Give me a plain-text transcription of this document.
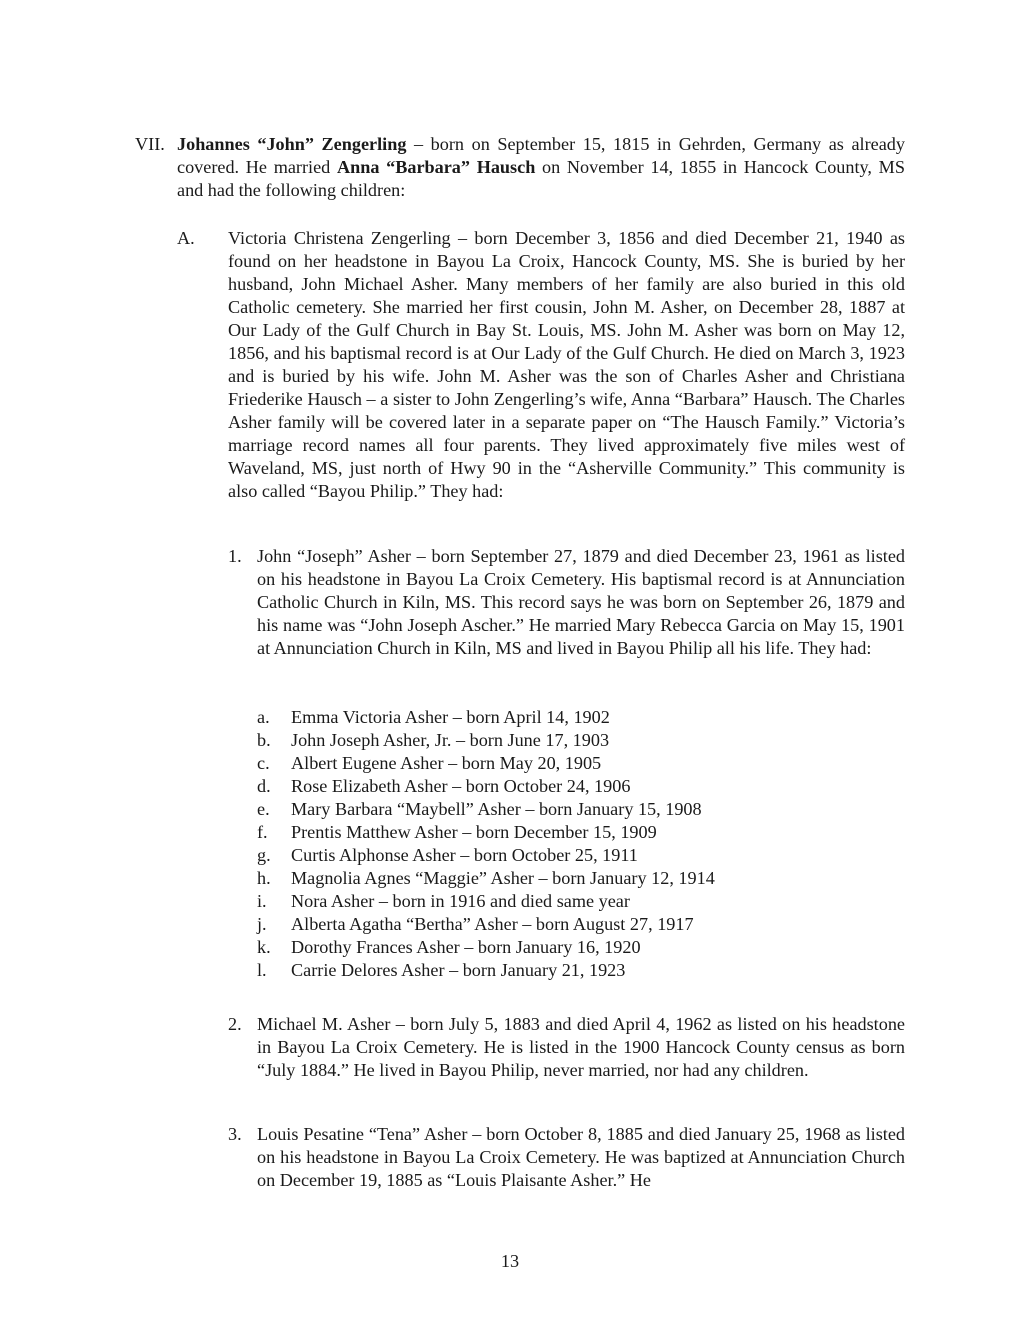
VII. Johannes “John” Zengerling – born on September 15, 1815 in Gehrden, Germany as already covered. He married Anna “Barbara” Hausch on November 14, 1855 in Hancock County, MS and had the following children:
A. Victoria Christena Zengerling – born December 3, 1856 and died December 21, 1940 as found on her headstone in Bayou La Croix, Hancock County, MS. She is buried by her husband, John Michael Asher. Many members of her family are also buried in this old Catholic cemetery. She married her first cousin, John M. Asher, on December 28, 1887 at Our Lady of the Gulf Church in Bay St. Louis, MS. John M. Asher was born on May 12, 1856, and his baptismal record is at Our Lady of the Gulf Church. He died on March 3, 1923 and is buried by his wife. John M. Asher was the son of Charles Asher and Christiana Friederike Hausch – a sister to John Zengerling’s wife, Anna “Barbara” Hausch. The Charles Asher family will be covered later in a separate paper on “The Hausch Family.” Victoria’s marriage record names all four parents. They lived approximately five miles west of Waveland, MS, just north of Hwy 90 in the “Asherville Community.” This community is also called “Bayou Philip.” They had:
1. John “Joseph” Asher – born September 27, 1879 and died December 23, 1961 as listed on his headstone in Bayou La Croix Cemetery. His baptismal record is at Annunciation Catholic Church in Kiln, MS. This record says he was born on September 26, 1879 and his name was “John Joseph Ascher.” He married Mary Rebecca Garcia on May 15, 1901 at Annunciation Church in Kiln, MS and lived in Bayou Philip all his life. They had:
a. Emma Victoria Asher – born April 14, 1902
b. John Joseph Asher, Jr. – born June 17, 1903
c. Albert Eugene Asher – born May 20, 1905
d. Rose Elizabeth Asher – born October 24, 1906
e. Mary Barbara “Maybell” Asher – born January 15, 1908
f. Prentis Matthew Asher – born December 15, 1909
g. Curtis Alphonse Asher – born October 25, 1911
h. Magnolia Agnes “Maggie” Asher – born January 12, 1914
i. Nora Asher – born in 1916 and died same year
j. Alberta Agatha “Bertha” Asher – born August 27, 1917
k. Dorothy Frances Asher – born January 16, 1920
l. Carrie Delores Asher – born January 21, 1923
2. Michael M. Asher – born July 5, 1883 and died April 4, 1962 as listed on his headstone in Bayou La Croix Cemetery. He is listed in the 1900 Hancock County census as born “July 1884.” He lived in Bayou Philip, never married, nor had any children.
3. Louis Pesatine “Tena” Asher – born October 8, 1885 and died January 25, 1968 as listed on his headstone in Bayou La Croix Cemetery. He was baptized at Annunciation Church on December 19, 1885 as “Louis Plaisante Asher.” He
13
